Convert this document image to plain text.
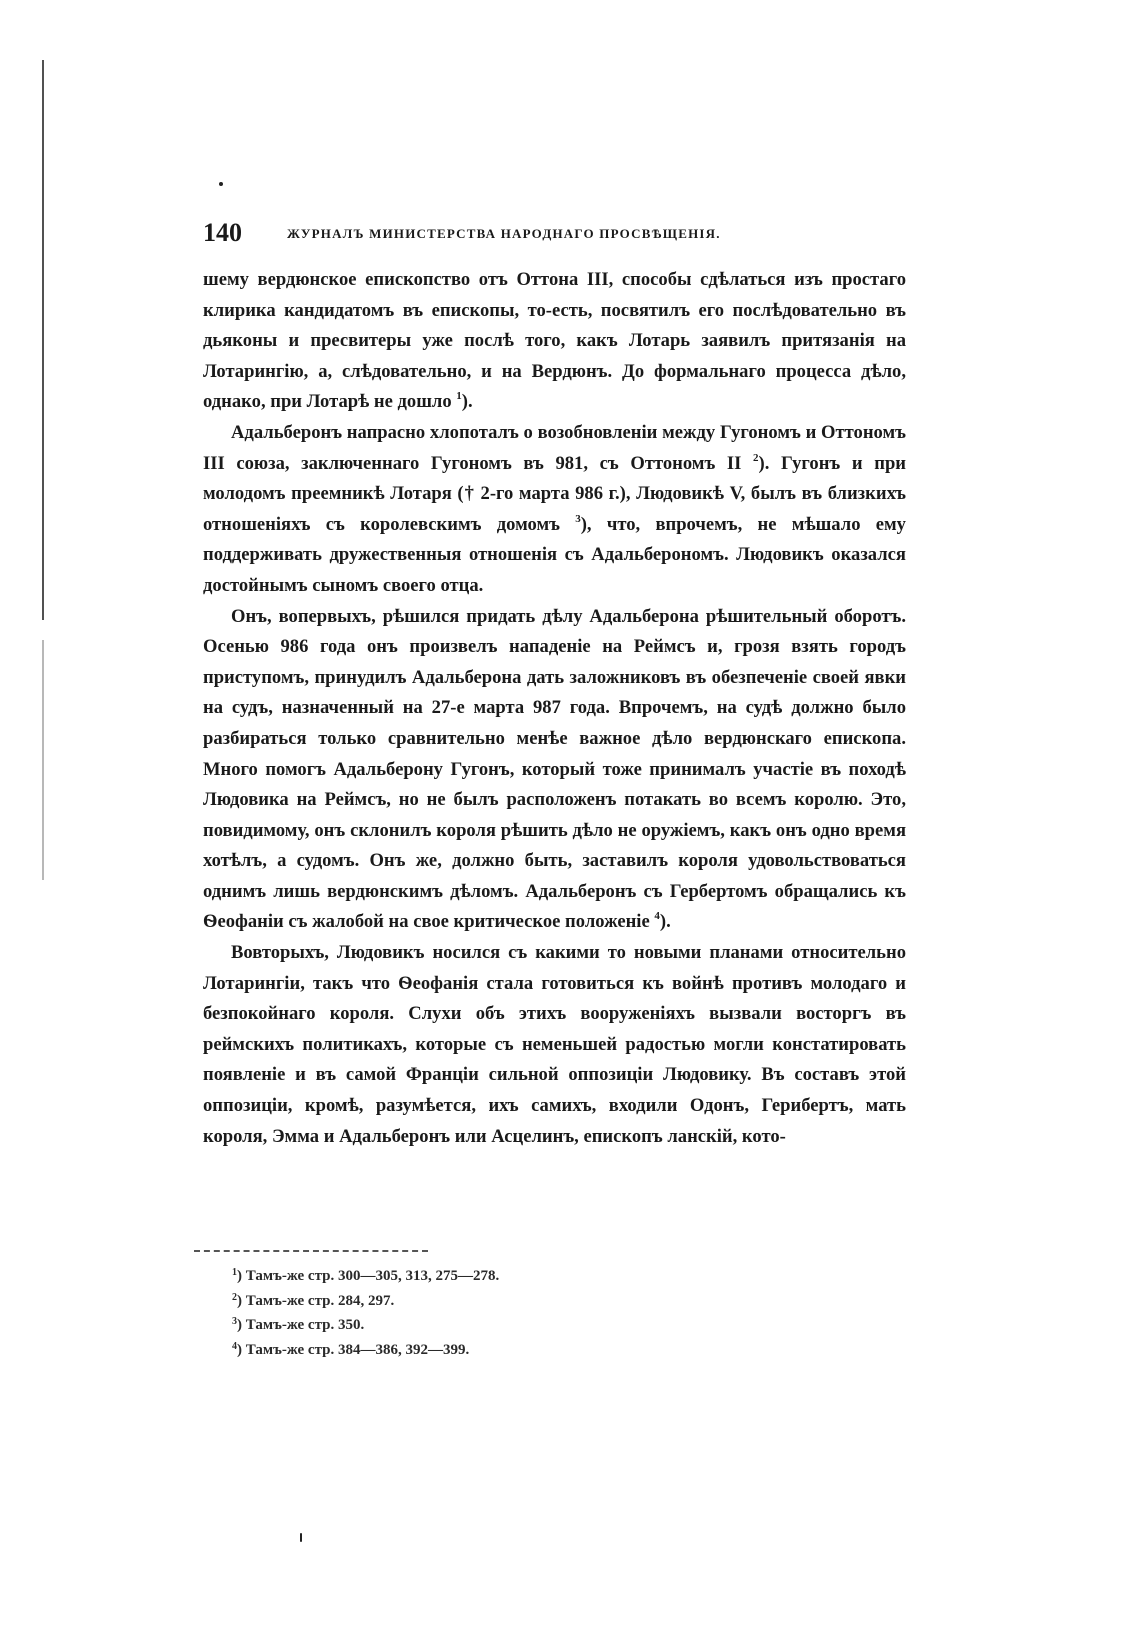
140	ЖУРНАЛЪ МИНИСТЕРСТВА НАРОДНАГО ПРОСВѢЩЕНІЯ.

шему вердюнское епископство отъ Оттона III, способы сдѣлаться изъ простаго клирика кандидатомъ въ епископы, то-есть, посвятилъ его послѣдовательно въ дьяконы и пресвитеры уже послѣ того, какъ Лотарь заявилъ притязанія на Лотарингію, а, слѣдовательно, и на Вердюнъ. До формальнаго процесса дѣло, однако, при Лотарѣ не дошло $^1$).

Адальберонъ напрасно хлопоталъ о возобновленіи между Гугономъ и Оттономъ III союза, заключеннаго Гугономъ въ 981, съ Оттономъ II $^2$). Гугонъ и при молодомъ преемникѣ Лотаря († 2-го марта 986 г.), Людовикѣ V, былъ въ близкихъ отношеніяхъ съ королевскимъ домомъ $^3$), что, впрочемъ, не мѣшало ему поддерживать дружественныя отношенія съ Адальберономъ. Людовикъ оказался достойнымъ сыномъ своего отца.

Онъ, вопервыхъ, рѣшился придать дѣлу Адальберона рѣшительный оборотъ. Осенью 986 года онъ произвелъ нападеніе на Реймсъ и, грозя взять городъ приступомъ, принудилъ Адальберона дать заложниковъ въ обезпеченіе своей явки на судъ, назначенный на 27-е марта 987 года. Впрочемъ, на судѣ должно было разбираться только сравнительно менѣе важное дѣло вердюнскаго епископа. Много помогъ Адальберону Гугонъ, который тоже принималъ участіе въ походѣ Людовика на Реймсъ, но не былъ расположенъ потакать во всемъ королю. Это, повидимому, онъ склонилъ короля рѣшить дѣло не оружіемъ, какъ онъ одно время хотѣлъ, а судомъ. Онъ же, должно быть, заставилъ короля удовольствоваться однимъ лишь вердюнскимъ дѣломъ. Адальберонъ съ Гербертомъ обращались къ Ѳеофаніи съ жалобой на свое критическое положеніе $^4$).

Вовторыхъ, Людовикъ носился съ какими то новыми планами относительно Лотарингіи, такъ что Ѳеофанія стала готовиться къ войнѣ противъ молодаго и безпокойнаго короля. Слухи объ этихъ вооруженіяхъ вызвали восторгъ въ реймскихъ политикахъ, которые съ неменьшей радостью могли констатировать появленіе и въ самой Франціи сильной оппозиціи Людовику. Въ составъ этой оппозиціи, кромѣ, разумѣется, ихъ самихъ, входили Одонъ, Герибертъ, мать короля, Эмма и Адальберонъ или Асцелинъ, епископъ ланскій, кото-

$^1$) Тамъ-же стр. 300—305, 313, 275—278.
$^2$) Тамъ-же стр. 284, 297.
$^3$) Тамъ-же стр. 350.
$^4$) Тамъ-же стр. 384—386, 392—399.
